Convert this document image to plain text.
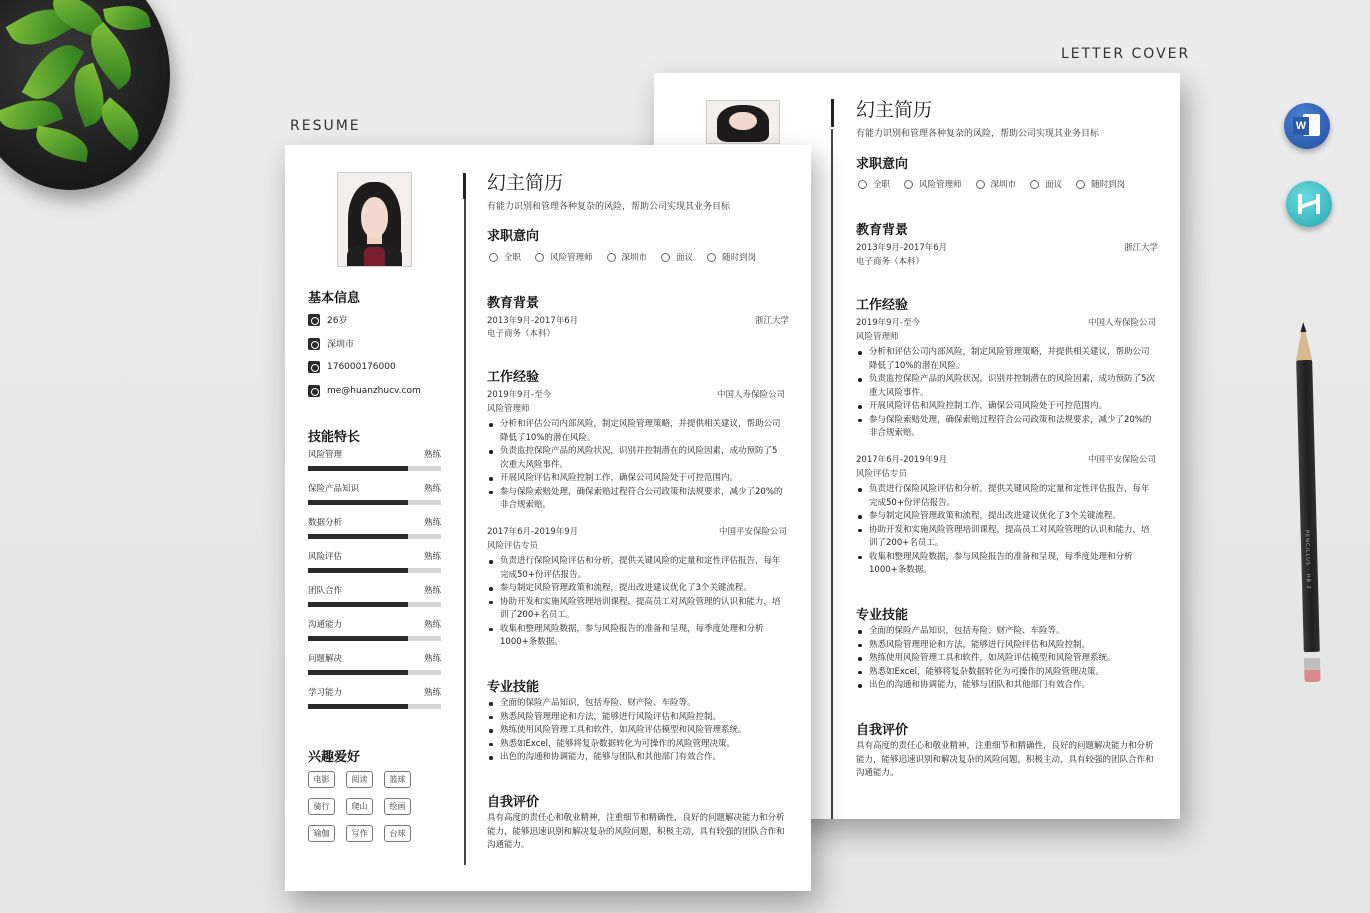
RESUME
LETTER COVER
W
PENCILLUS · HB 2
幻主简历
有能力识别和管理各种复杂的风险，帮助公司实现其业务目标
求职意向
全职	风险管理师	深圳市	面议	随时到岗
教育背景
2013年9月-2017年6月	浙江大学
电子商务（本科）
工作经验
2019年9月-至今	中国人寿保险公司
风险管理师
分析和评估公司内部风险，制定风险管理策略，并提供相关建议，帮助公司降低了10%的潜在风险。
负责监控保险产品的风险状况，识别并控制潜在的风险因素，成功预防了5次重大风险事件。
开展风险评估和风险控制工作，确保公司风险处于可控范围内。
参与保险索赔处理，确保索赔过程符合公司政策和法规要求，减少了20%的非合规索赔。
2017年6月-2019年9月	中国平安保险公司
风险评估专员
负责进行保险风险评估和分析，提供关键风险的定量和定性评估报告，每年完成50+份评估报告。
参与制定风险管理政策和流程，提出改进建议优化了3个关键流程。
协助开发和实施风险管理培训课程，提高员工对风险管理的认识和能力，培训了200+名员工。
收集和整理风险数据，参与风险报告的准备和呈现，每季度处理和分析1000+条数据。
专业技能
全面的保险产品知识，包括寿险、财产险、车险等。
熟悉风险管理理论和方法，能够进行风险评估和风险控制。
熟练使用风险管理工具和软件，如风险评估模型和风险管理系统。
熟悉如Excel，能够将复杂数据转化为可操作的风险管理决策。
出色的沟通和协调能力，能够与团队和其他部门有效合作。
自我评价
具有高度的责任心和敬业精神，注重细节和精确性，良好的问题解决能力和分析能力，能够迅速识别和解决复杂的风险问题，积极主动，具有较强的团队合作和沟通能力。
基本信息
26岁
深圳市
176000176000
me@huanzhucv.com
技能特长
风险管理	熟练
保险产品知识	熟练
数据分析	熟练
风险评估	熟练
团队合作	熟练
沟通能力	熟练
问题解决	熟练
学习能力	熟练
兴趣爱好
电影	阅读	篮球
骑行	爬山	绘画
瑜伽	写作	台球
幻主简历
有能力识别和管理各种复杂的风险，帮助公司实现其业务目标
求职意向
全职	风险管理师	深圳市	面议	随时到岗
教育背景
2013年9月-2017年6月	浙江大学
电子商务（本科）
工作经验
2019年9月-至今	中国人寿保险公司
风险管理师
分析和评估公司内部风险，制定风险管理策略，并提供相关建议，帮助公司降低了10%的潜在风险。
负责监控保险产品的风险状况，识别并控制潜在的风险因素，成功预防了5次重大风险事件。
开展风险评估和风险控制工作，确保公司风险处于可控范围内。
参与保险索赔处理，确保索赔过程符合公司政策和法规要求，减少了20%的非合规索赔。
2017年6月-2019年9月	中国平安保险公司
风险评估专员
负责进行保险风险评估和分析，提供关键风险的定量和定性评估报告，每年完成50+份评估报告。
参与制定风险管理政策和流程，提出改进建议优化了3个关键流程。
协助开发和实施风险管理培训课程，提高员工对风险管理的认识和能力，培训了200+名员工。
收集和整理风险数据，参与风险报告的准备和呈现，每季度处理和分析1000+条数据。
专业技能
全面的保险产品知识，包括寿险、财产险、车险等。
熟悉风险管理理论和方法，能够进行风险评估和风险控制。
熟练使用风险管理工具和软件，如风险评估模型和风险管理系统。
熟悉如Excel，能够将复杂数据转化为可操作的风险管理决策。
出色的沟通和协调能力，能够与团队和其他部门有效合作。
自我评价
具有高度的责任心和敬业精神，注重细节和精确性，良好的问题解决能力和分析能力，能够迅速识别和解决复杂的风险问题，积极主动，具有较强的团队合作和沟通能力。
